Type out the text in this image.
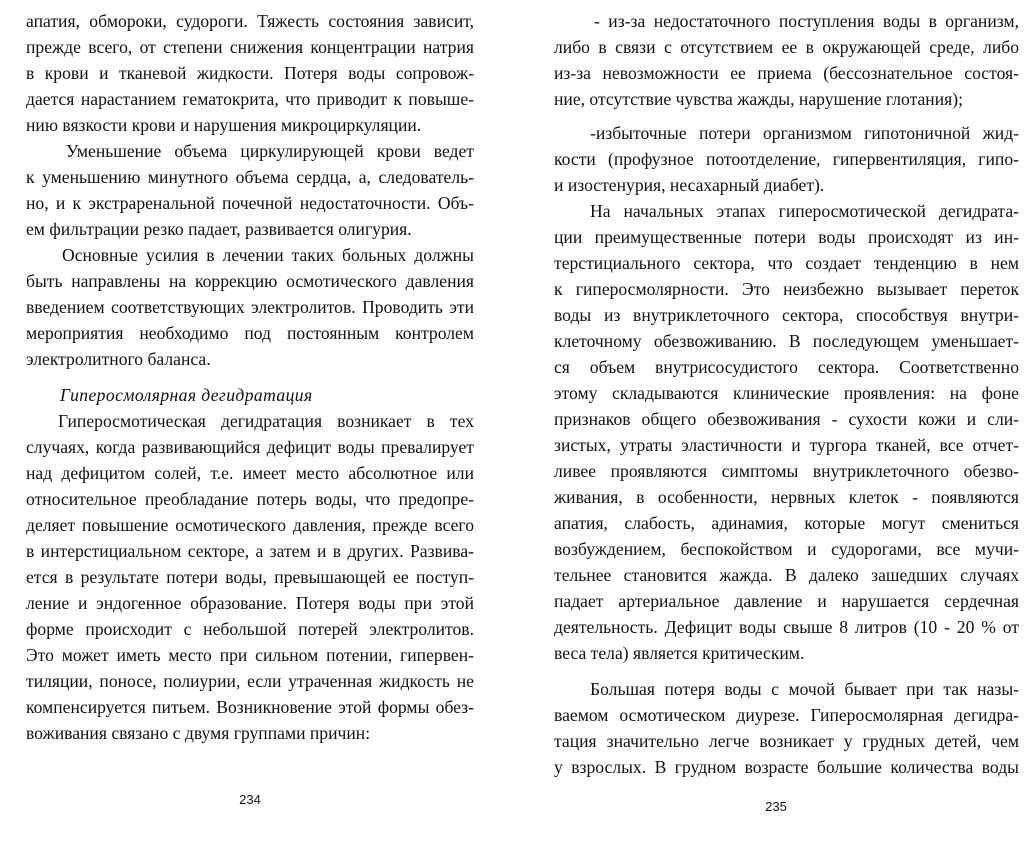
апатия, обмороки, судороги. Тяжесть состояния зависит,
прежде всего, от степени снижения концентрации натрия
в крови и тканевой жидкости. Потеря воды сопровож-
дается нарастанием гематокрита, что приводит к повыше-
нию вязкости крови и нарушения микроциркуляции.
Уменьшение объема циркулирующей крови ведет
к уменьшению минутного объема сердца, а, следователь-
но, и к экстраренальной почечной недостаточности. Объ-
ем фильтрации резко падает, развивается олигурия.
Основные усилия в лечении таких больных должны
быть направлены на коррекцию осмотического давления
введением соответствующих электролитов. Проводить эти
мероприятия необходимо под постоянным контролем
электролитного баланса.
Гиперосмолярная дегидратация
Гиперосмотическая дегидратация возникает в тех
случаях, когда развивающийся дефицит воды превалирует
над дефицитом солей, т.е. имеет место абсолютное или
относительное преобладание потерь воды, что предопре-
деляет повышение осмотического давления, прежде всего
в интерстициальном секторе, а затем и в других. Развива-
ется в результате потери воды, превышающей ее поступ-
ление и эндогенное образование. Потеря воды при этой
форме происходит с небольшой потерей электролитов.
Это может иметь место при сильном потении, гипервен-
тиляции, поносе, полиурии, если утраченная жидкость не
компенсируется питьем. Возникновение этой формы обез-
воживания связано с двумя группами причин:
234
- из-за недостаточного поступления воды в организм,
либо в связи с отсутствием ее в окружающей среде, либо
из-за невозможности ее приема (бессознательное состоя-
ние, отсутствие чувства жажды, нарушение глотания);
-избыточные потери организмом гипотоничной жид-
кости (профузное потоотделение, гипервентиляция, гипо-
и изостенурия, несахарный диабет).
На начальных этапах гиперосмотической дегидрата-
ции преимущественные потери воды происходят из ин-
терстициального сектора, что создает тенденцию в нем
к гиперосмолярности. Это неизбежно вызывает переток
воды из внутриклеточного сектора, способствуя внутри-
клеточному обезвоживанию. В последующем уменьшает-
ся объем внутрисосудистого сектора. Соответственно
этому складываются клинические проявления: на фоне
признаков общего обезвоживания - сухости кожи и сли-
зистых, утраты эластичности и тургора тканей, все отчет-
ливее проявляются симптомы внутриклеточного обезво-
живания, в особенности, нервных клеток - появляются
апатия, слабость, адинамия, которые могут смениться
возбуждением, беспокойством и судорогами, все мучи-
тельнее становится жажда. В далеко зашедших случаях
падает артериальное давление и нарушается сердечная
деятельность. Дефицит воды свыше 8 литров (10 - 20 % от
веса тела) является критическим.
Большая потеря воды с мочой бывает при так назы-
ваемом осмотическом диурезе. Гиперосмолярная дегидра-
тация значительно легче возникает у грудных детей, чем
у взрослых. В грудном возрасте большие количества воды
235
